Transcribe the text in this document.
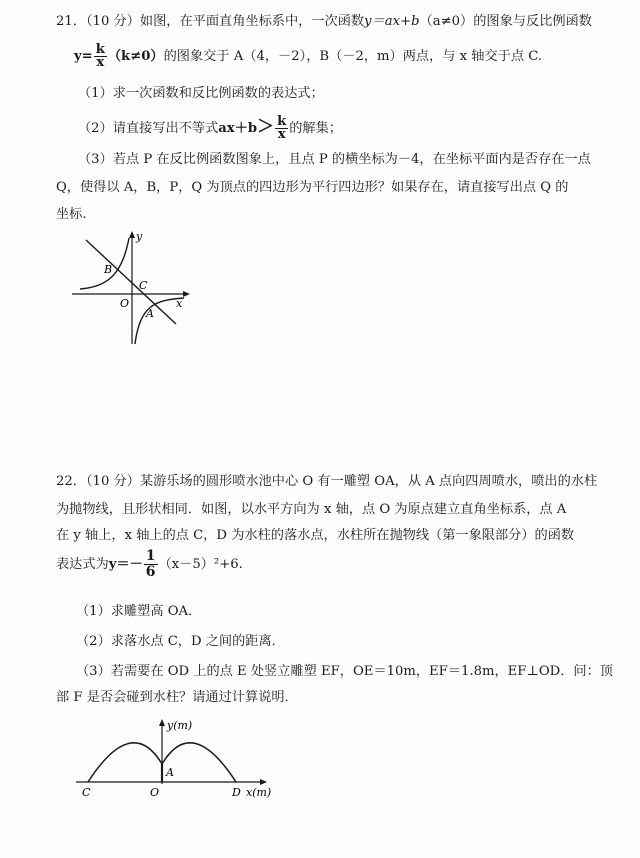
21．（10 分）如图，在平面直角坐标系中，一次函数y＝ax+b（a≠0）的图象与反比例函数
$y= \frac{k}{x} (k\ne 0)$的图象交于 A（4，－2），B（－2，m）两点，与 x 轴交于点 C.
（1）求一次函数和反比例函数的表达式；
（2）请直接写出不等式$ax+b> \frac{k}{x}$ 的解集；
（3）若点 P 在反比例函数图象上，且点 P 的横坐标为－4，在坐标平面内是否存在一点
Q，使得以 A，B，P，Q 为顶点的四边形为平行四边形？如果存在，请直接写出点 Q 的
坐标.
y
x
B
C
O
A
22．（10 分）某游乐场的圆形喷水池中心 O 有一雕塑 OA，从 A 点向四周喷水，喷出的水柱
为抛物线，且形状相同．如图，以水平方向为 x 轴，点 O 为原点建立直角坐标系，点 A
在 y 轴上，x 轴上的点 C，D 为水柱的落水点，水柱所在抛物线（第一象限部分）的函数
表达式为$y=- \frac{1}{6} (x-5)^2+6$.
（1）求雕塑高 OA．
（2）求落水点 C，D 之间的距离．
（3）若需要在 OD 上的点 E 处竖立雕塑 EF，OE＝10m，EF＝1.8m，EF⊥OD．问：顶
部 F 是否会碰到水柱？请通过计算说明．
y(m)
x(m)
A
C	O	D
